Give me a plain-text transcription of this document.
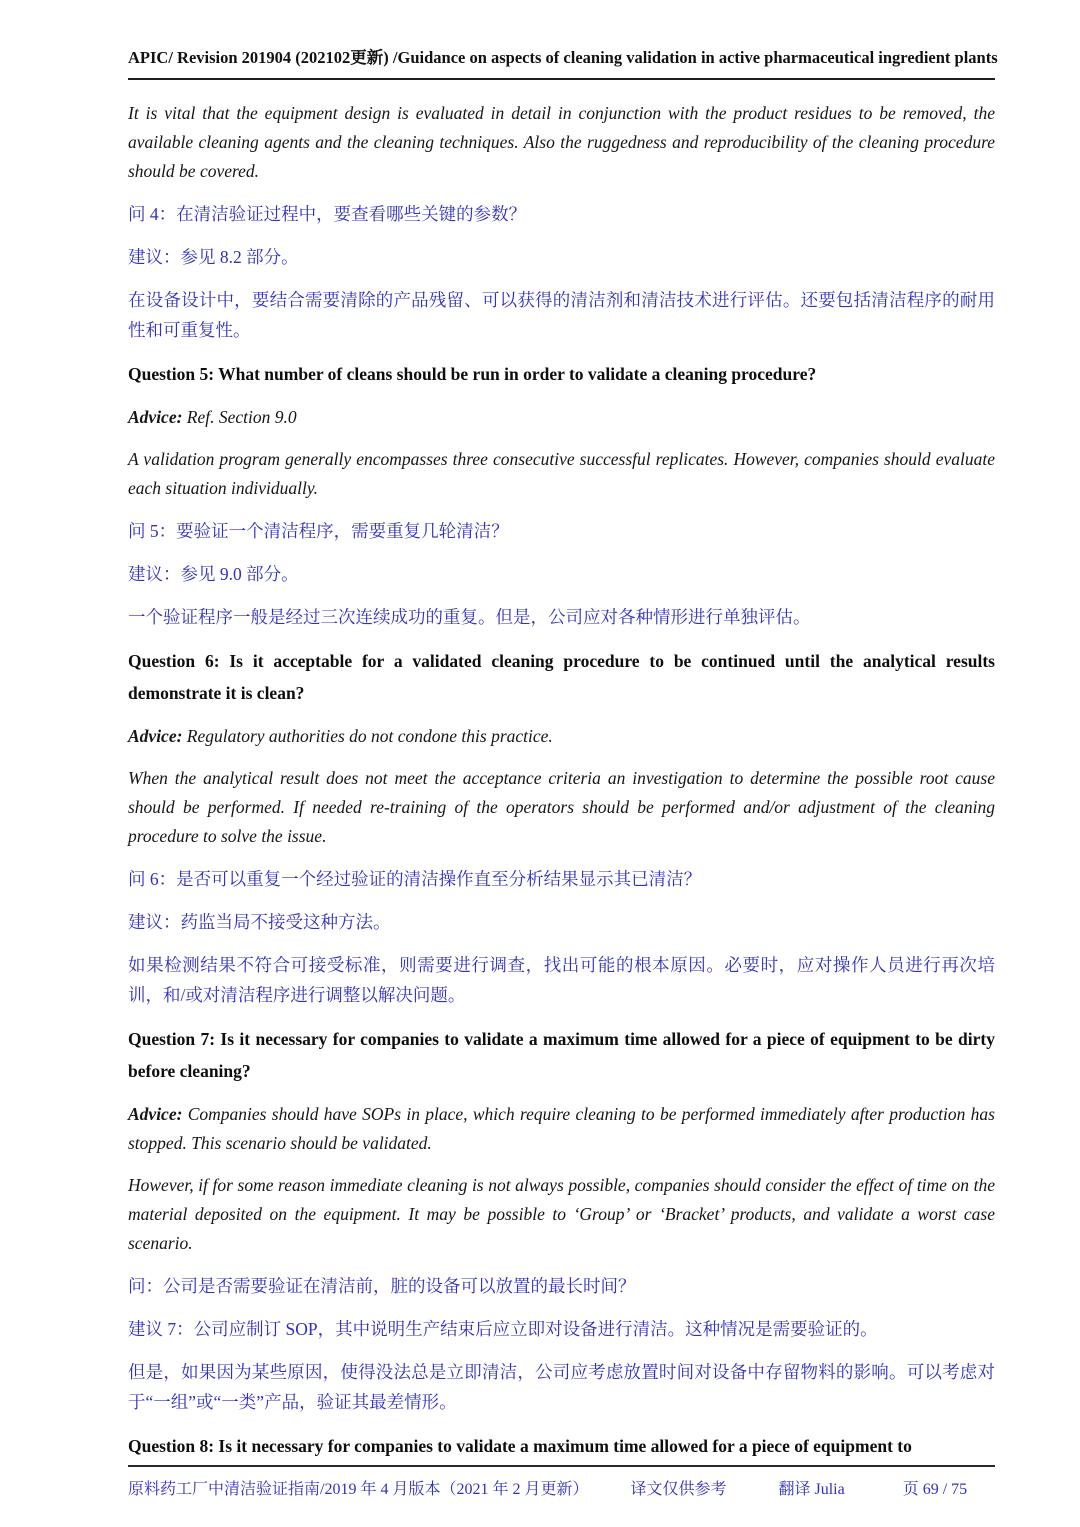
APIC/ Revision 201904 (202102更新) /Guidance on aspects of cleaning validation in active pharmaceutical ingredient plants

It is vital that the equipment design is evaluated in detail in conjunction with the product residues to be removed, the available cleaning agents and the cleaning techniques. Also the ruggedness and reproducibility of the cleaning procedure should be covered.

问 4：在清洁验证过程中，要查看哪些关键的参数？

建议：参见 8.2 部分。

在设备设计中，要结合需要清除的产品残留、可以获得的清洁剂和清洁技术进行评估。还要包括清洁程序的耐用性和可重复性。

Question 5: What number of cleans should be run in order to validate a cleaning procedure?

Advice: Ref. Section 9.0

A validation program generally encompasses three consecutive successful replicates. However, companies should evaluate each situation individually.

问 5：要验证一个清洁程序，需要重复几轮清洁？

建议：参见 9.0 部分。

一个验证程序一般是经过三次连续成功的重复。但是，公司应对各种情形进行单独评估。

Question 6: Is it acceptable for a validated cleaning procedure to be continued until the analytical results demonstrate it is clean?

Advice: Regulatory authorities do not condone this practice.

When the analytical result does not meet the acceptance criteria an investigation to determine the possible root cause should be performed. If needed re-training of the operators should be performed and/or adjustment of the cleaning procedure to solve the issue.

问 6：是否可以重复一个经过验证的清洁操作直至分析结果显示其已清洁？

建议：药监当局不接受这种方法。

如果检测结果不符合可接受标准，则需要进行调查，找出可能的根本原因。必要时，应对操作人员进行再次培训，和/或对清洁程序进行调整以解决问题。

Question 7: Is it necessary for companies to validate a maximum time allowed for a piece of equipment to be dirty before cleaning?

Advice: Companies should have SOPs in place, which require cleaning to be performed immediately after production has stopped. This scenario should be validated.

However, if for some reason immediate cleaning is not always possible, companies should consider the effect of time on the material deposited on the equipment. It may be possible to ‘Group’ or ‘Bracket’ products, and validate a worst case scenario.

问：公司是否需要验证在清洁前，脏的设备可以放置的最长时间？

建议 7：公司应制订 SOP，其中说明生产结束后应立即对设备进行清洁。这种情况是需要验证的。

但是，如果因为某些原因，使得没法总是立即清洁，公司应考虑放置时间对设备中存留物料的影响。可以考虑对于“一组”或“一类”产品，验证其最差情形。

Question 8: Is it necessary for companies to validate a maximum time allowed for a piece of equipment to

原料药工厂中清洁验证指南/2019 年 4 月版本（2021 年 2 月更新）	译文仅供参考	翻译 Julia	页 69 / 75
